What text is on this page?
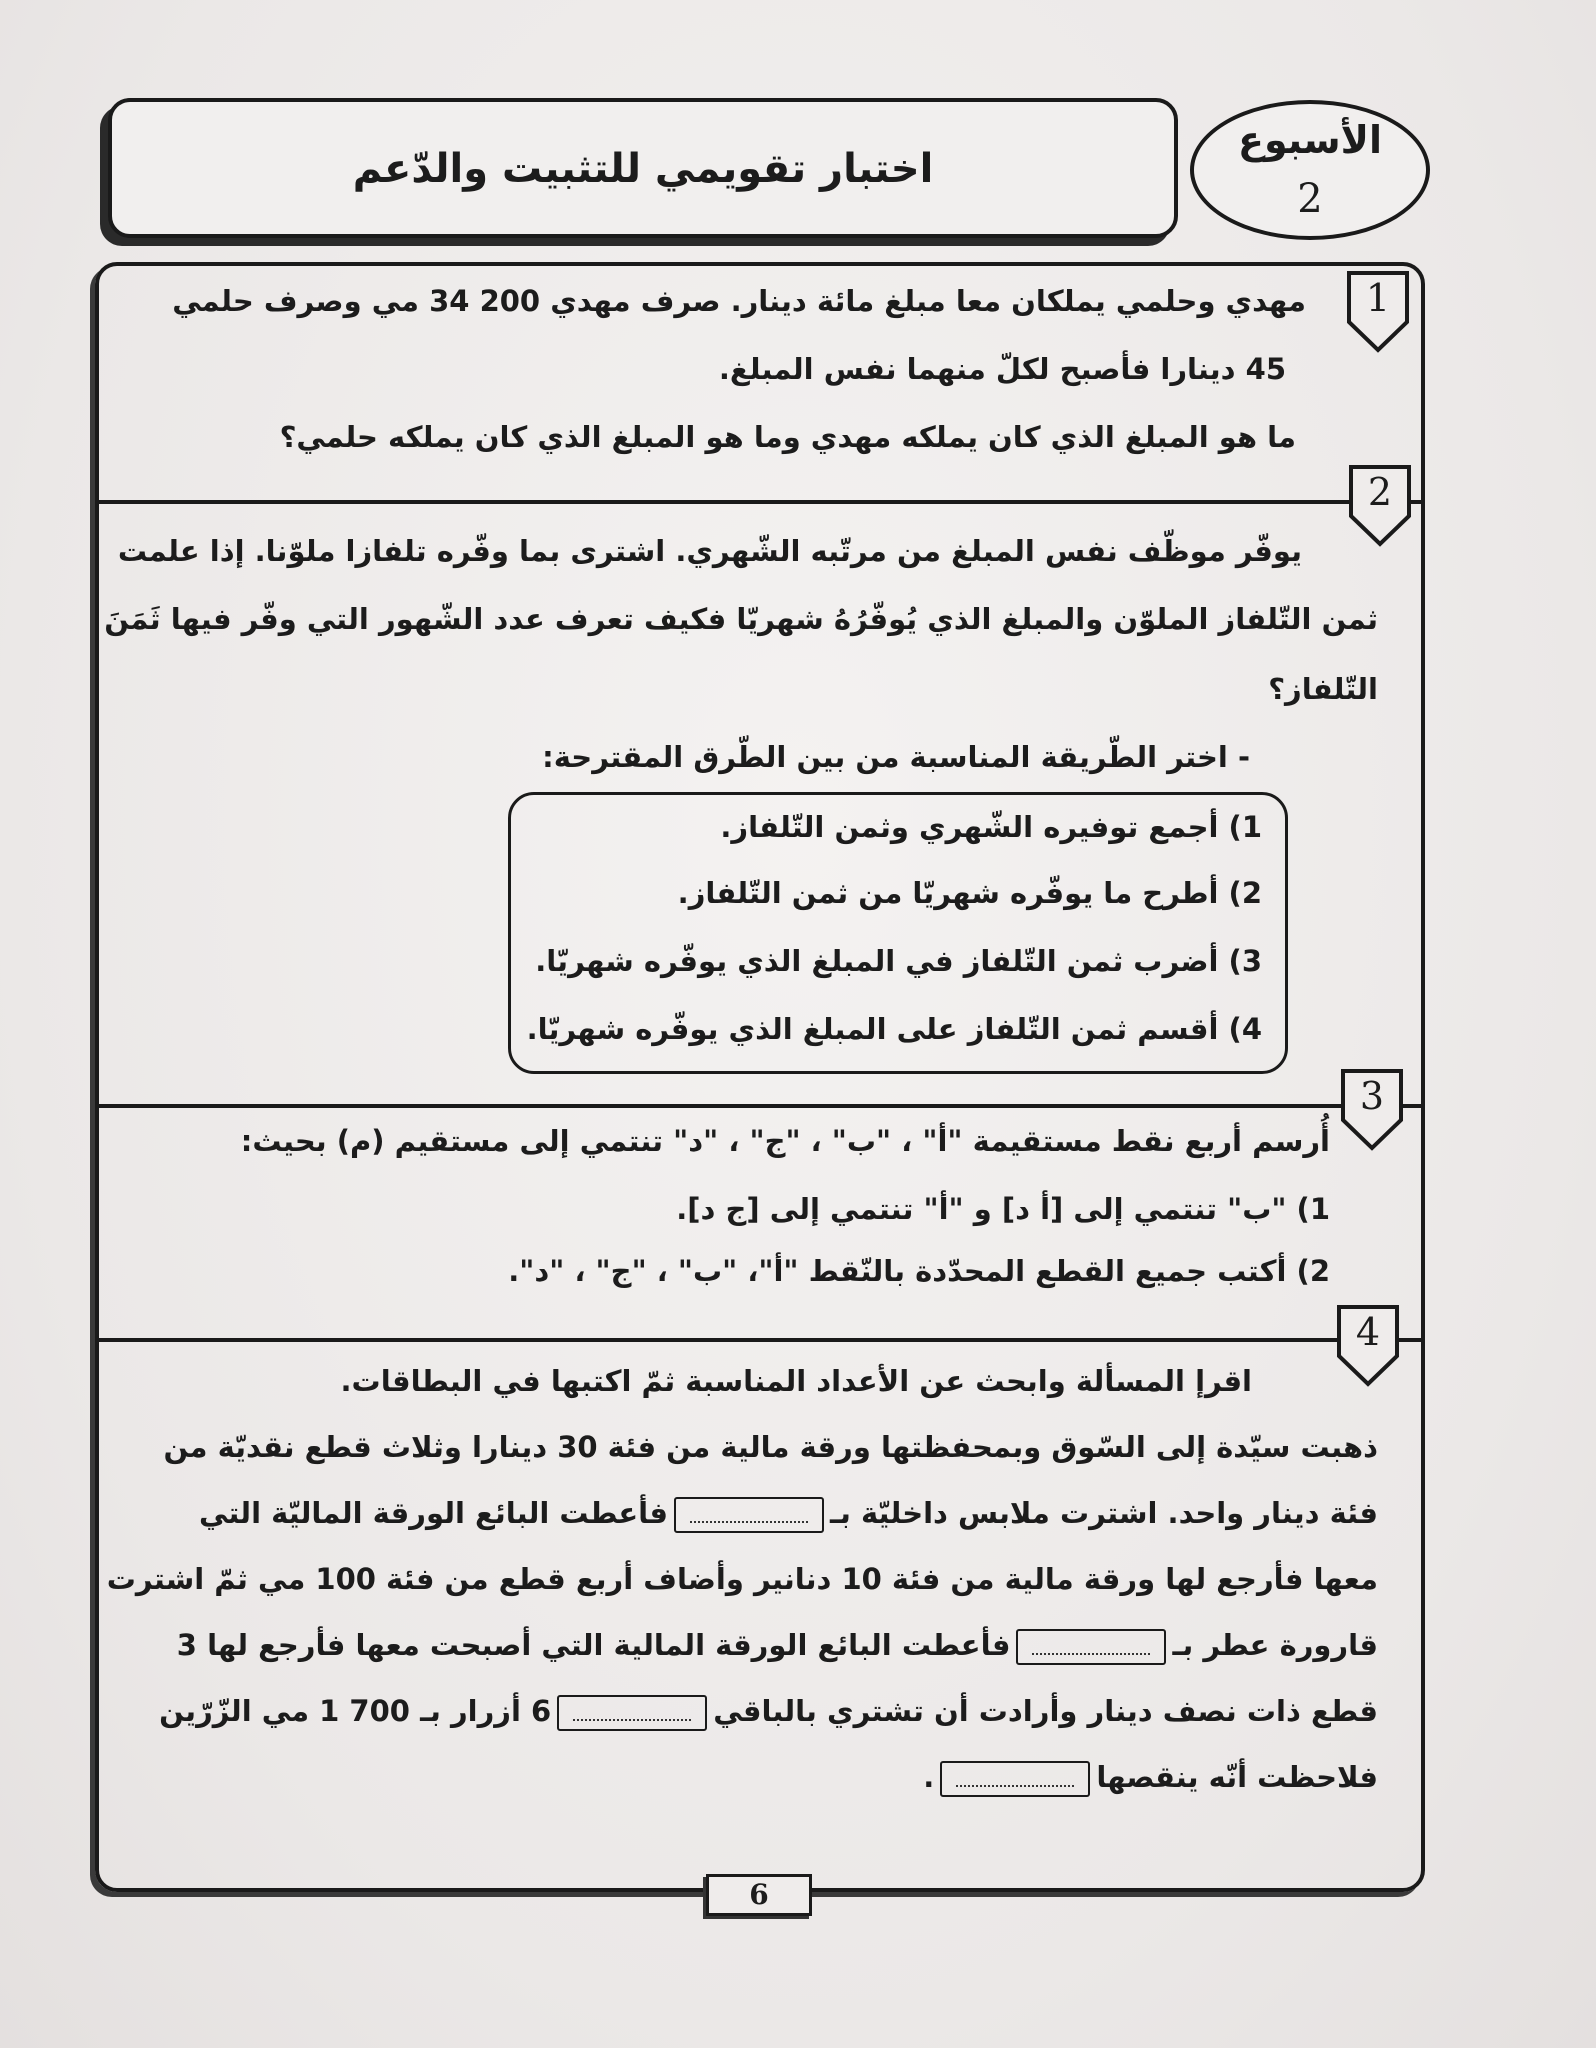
الأسبوع
2
اختبار تقويمي للتثبيت والدّعم
1
2
3
4
مهدي وحلمي يملكان معا مبلغ مائة دينار. صرف مهدي 200 34 مي وصرف حلمي
45 دينارا فأصبح لكلّ منهما نفس المبلغ.
ما هو المبلغ الذي كان يملكه مهدي وما هو المبلغ الذي كان يملكه حلمي؟
يوفّر موظّف نفس المبلغ من مرتّبه الشّهري. اشترى بما وفّره تلفازا ملوّنا. إذا علمت
ثمن التّلفاز الملوّن والمبلغ الذي يُوفّرُهُ شهريّا فكيف تعرف عدد الشّهور التي وفّر فيها ثَمَنَ
التّلفاز؟
- اختر الطّريقة المناسبة من بين الطّرق المقترحة:
1) أجمع توفيره الشّهري وثمن التّلفاز.
2) أطرح ما يوفّره شهريّا من ثمن التّلفاز.
3) أضرب ثمن التّلفاز في المبلغ الذي يوفّره شهريّا.
4) أقسم ثمن التّلفاز على المبلغ الذي يوفّره شهريّا.
أُرسم أربع نقط مستقيمة "أ" ، "ب" ، "ج" ، "د" تنتمي إلى مستقيم (م) بحيث:
1) "ب" تنتمي إلى [أ د] و "أ" تنتمي إلى [ج د].
2) أكتب جميع القطع المحدّدة بالنّقط "أ"، "ب" ، "ج" ، "د".
اقرإ المسألة وابحث عن الأعداد المناسبة ثمّ اكتبها في البطاقات.
ذهبت سيّدة إلى السّوق وبمحفظتها ورقة مالية من فئة 30 دينارا وثلاث قطع نقديّة من
فئة دينار واحد. اشترت ملابس داخليّة بـفأعطت البائع الورقة الماليّة التي
معها فأرجع لها ورقة مالية من فئة 10 دنانير وأضاف أربع قطع من فئة 100 مي ثمّ اشترت
قارورة عطر بـفأعطت البائع الورقة المالية التي أصبحت معها فأرجع لها 3
قطع ذات نصف دينار وأرادت أن تشتري بالباقي6 أزرار بـ 700 1 مي الزّرّين
فلاحظت أنّه ينقصها.
6
